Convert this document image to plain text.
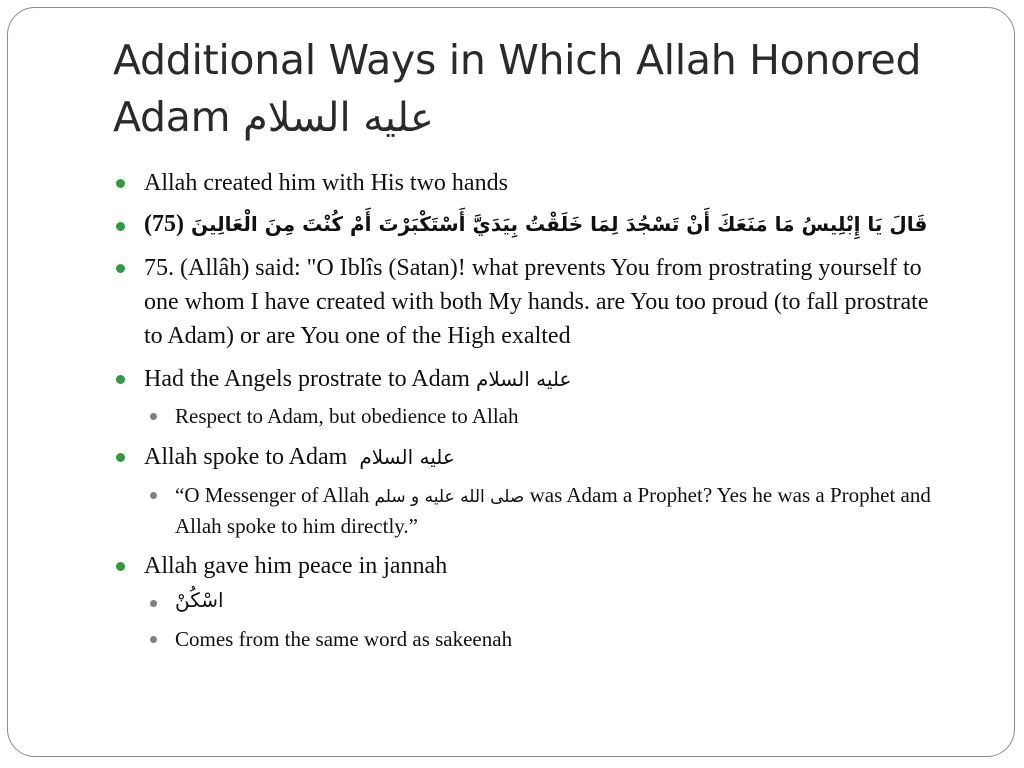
Additional Ways in Which Allah Honored Adam عليه السلام
Allah created him with His two hands
قَالَ يَا إِبْلِيسُ مَا مَنَعَكَ أَنْ تَسْجُدَ لِمَا خَلَقْتُ بِيَدَيَّ أَسْتَكْبَرْتَ أَمْ كُنْتَ مِنَ الْعَالِينَ (75)
75. (Allâh) said: "O Iblîs (Satan)! what prevents You from prostrating yourself to one whom I have created with both My hands. are You too proud (to fall prostrate to Adam) or are You one of the High exalted
Had the Angels prostrate to Adam عليه السلام
Respect to Adam, but obedience to Allah
Allah spoke to Adam عليه السلام
“O Messenger of Allah صلى الله عليه و سلم was Adam a Prophet? Yes he was a Prophet and Allah spoke to him directly.”
Allah gave him peace in jannah
اسْكُنْ
Comes from the same word as sakeenah
